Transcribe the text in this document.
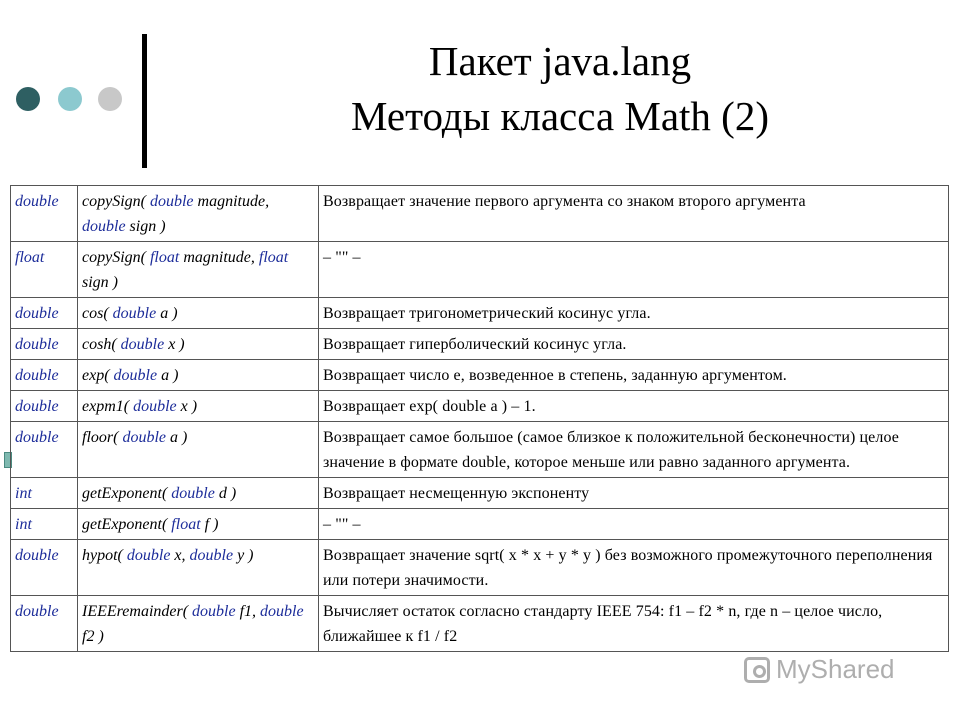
Пакет java.lang
Методы класса Math (2)
double	copySign( double magnitude, double sign )	Возвращает значение первого аргумента со знаком второго аргумента
float	copySign( float magnitude, float sign )	– "" –
double	cos( double a )	Возвращает тригонометрический косинус угла.
double	cosh( double x )	Возвращает гиперболический косинус угла.
double	exp( double a )	Возвращает число e, возведенное в степень, заданную аргументом.
double	expm1( double x )	Возвращает exp( double a ) – 1.
double	floor( double a )	Возвращает самое большое (самое близкое к положительной бесконечности) целое значение в формате double, которое меньше или равно заданного аргумента.
int	getExponent( double d )	Возвращает несмещенную экспоненту
int	getExponent( float f )	– "" –
double	hypot( double x, double y )	Возвращает значение sqrt( x * x + y * y ) без возможного промежуточного переполнения или потери значимости.
double	IEEEremainder( double f1, double f2 )	Вычисляет остаток согласно стандарту IEEE 754: f1 – f2 * n, где n – целое число, ближайшее к f1 / f2
MyShared
